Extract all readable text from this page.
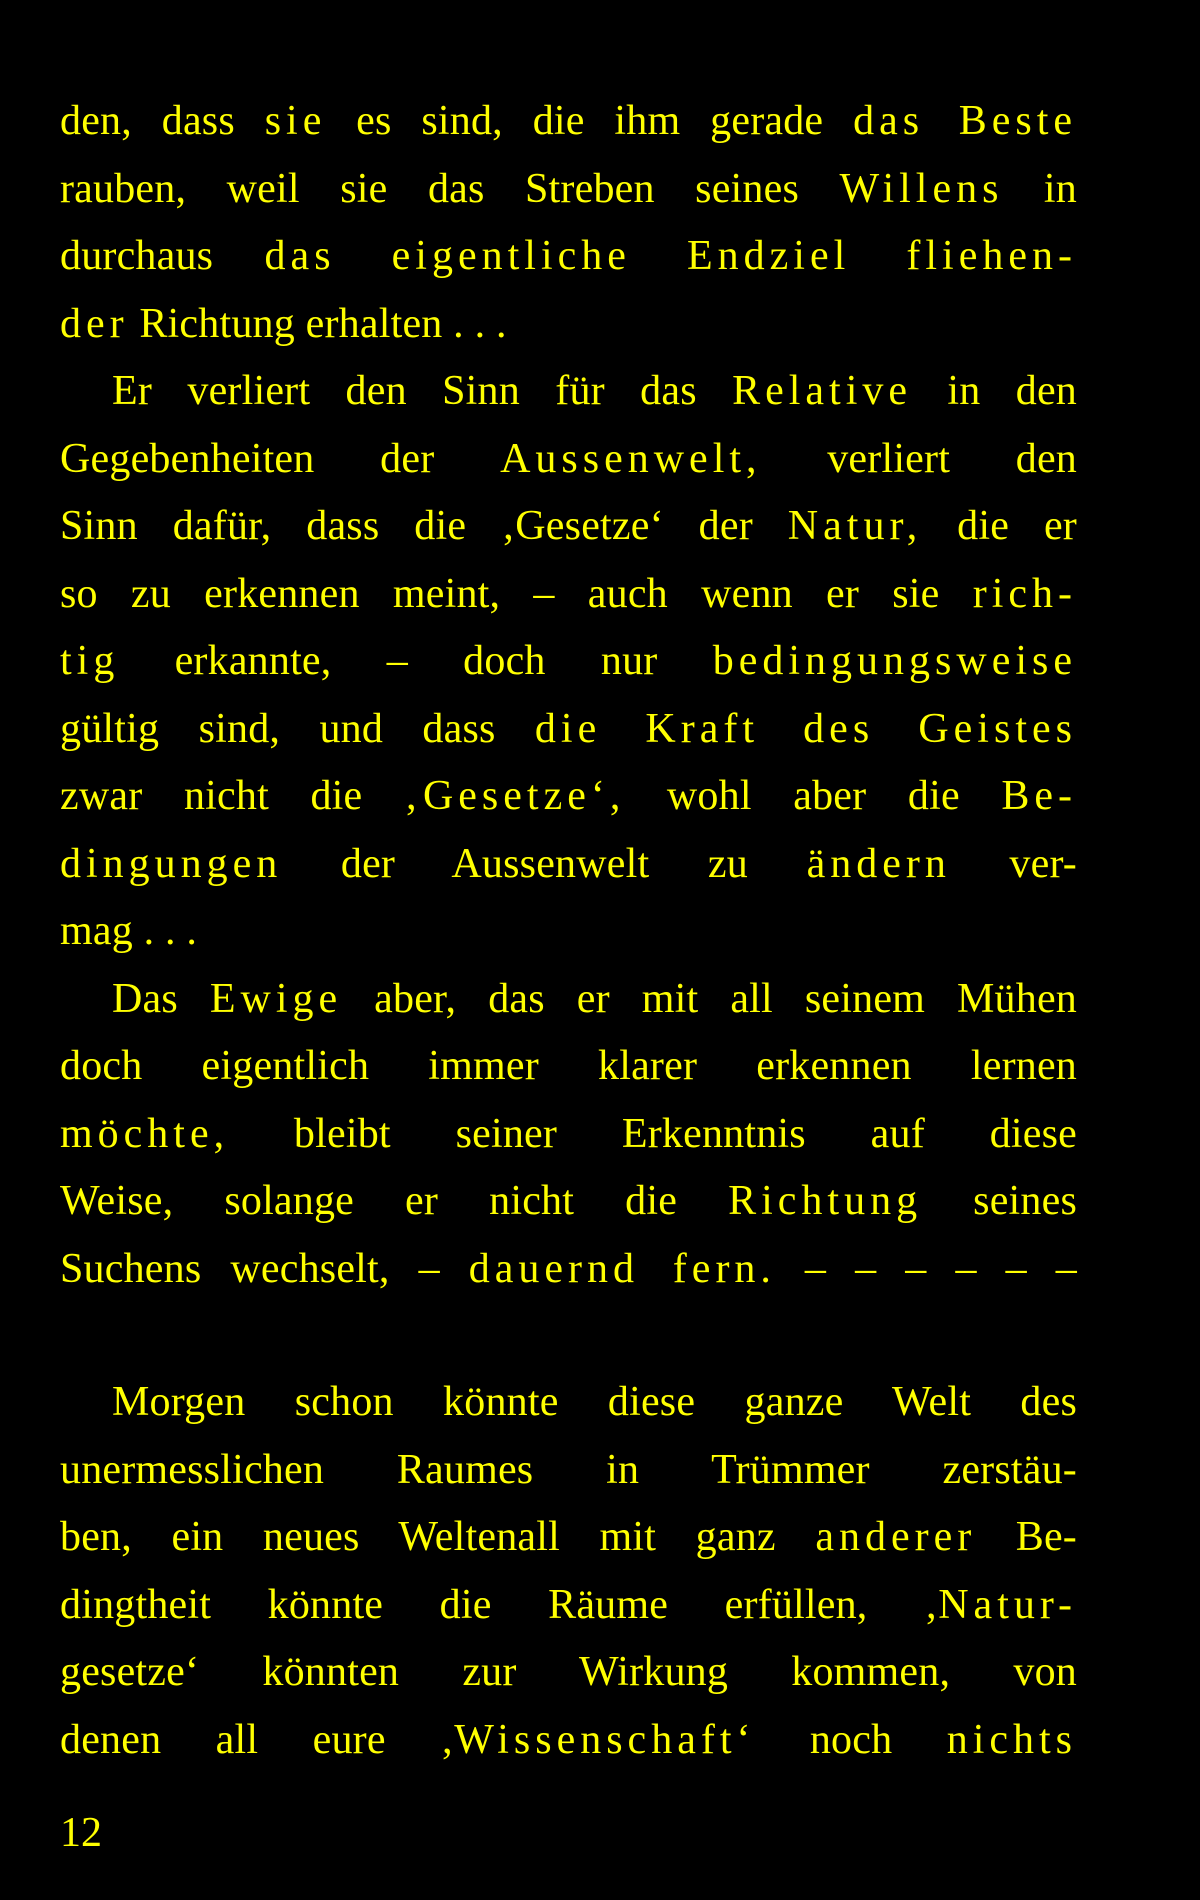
den, dass sie es sind, die ihm gerade das Beste
rauben, weil sie das Streben seines Willens in
durchaus das eigentliche Endziel fliehen-
der Richtung erhalten . . .
Er verliert den Sinn für das Relative in den
Gegebenheiten der Aussenwelt, verliert den
Sinn dafür, dass die ‚Gesetze‘ der Natur, die er
so zu erkennen meint, – auch wenn er sie rich-
tig erkannte, – doch nur bedingungsweise
gültig sind, und dass die Kraft des Geistes
zwar nicht die ‚Gesetze‘, wohl aber die Be-
dingungen der Aussenwelt zu ändern ver-
mag . . .
Das Ewige aber, das er mit all seinem Mühen
doch eigentlich immer klarer erkennen lernen
möchte, bleibt seiner Erkenntnis auf diese
Weise, solange er nicht die Richtung seines
Suchens wechselt, – dauernd fern. – – – – – –
Morgen schon könnte diese ganze Welt des
unermesslichen Raumes in Trümmer zerstäu-
ben, ein neues Weltenall mit ganz anderer Be-
dingtheit könnte die Räume erfüllen, ‚Natur-
gesetze‘ könnten zur Wirkung kommen, von
denen all eure ‚Wissenschaft‘ noch nichts
12
